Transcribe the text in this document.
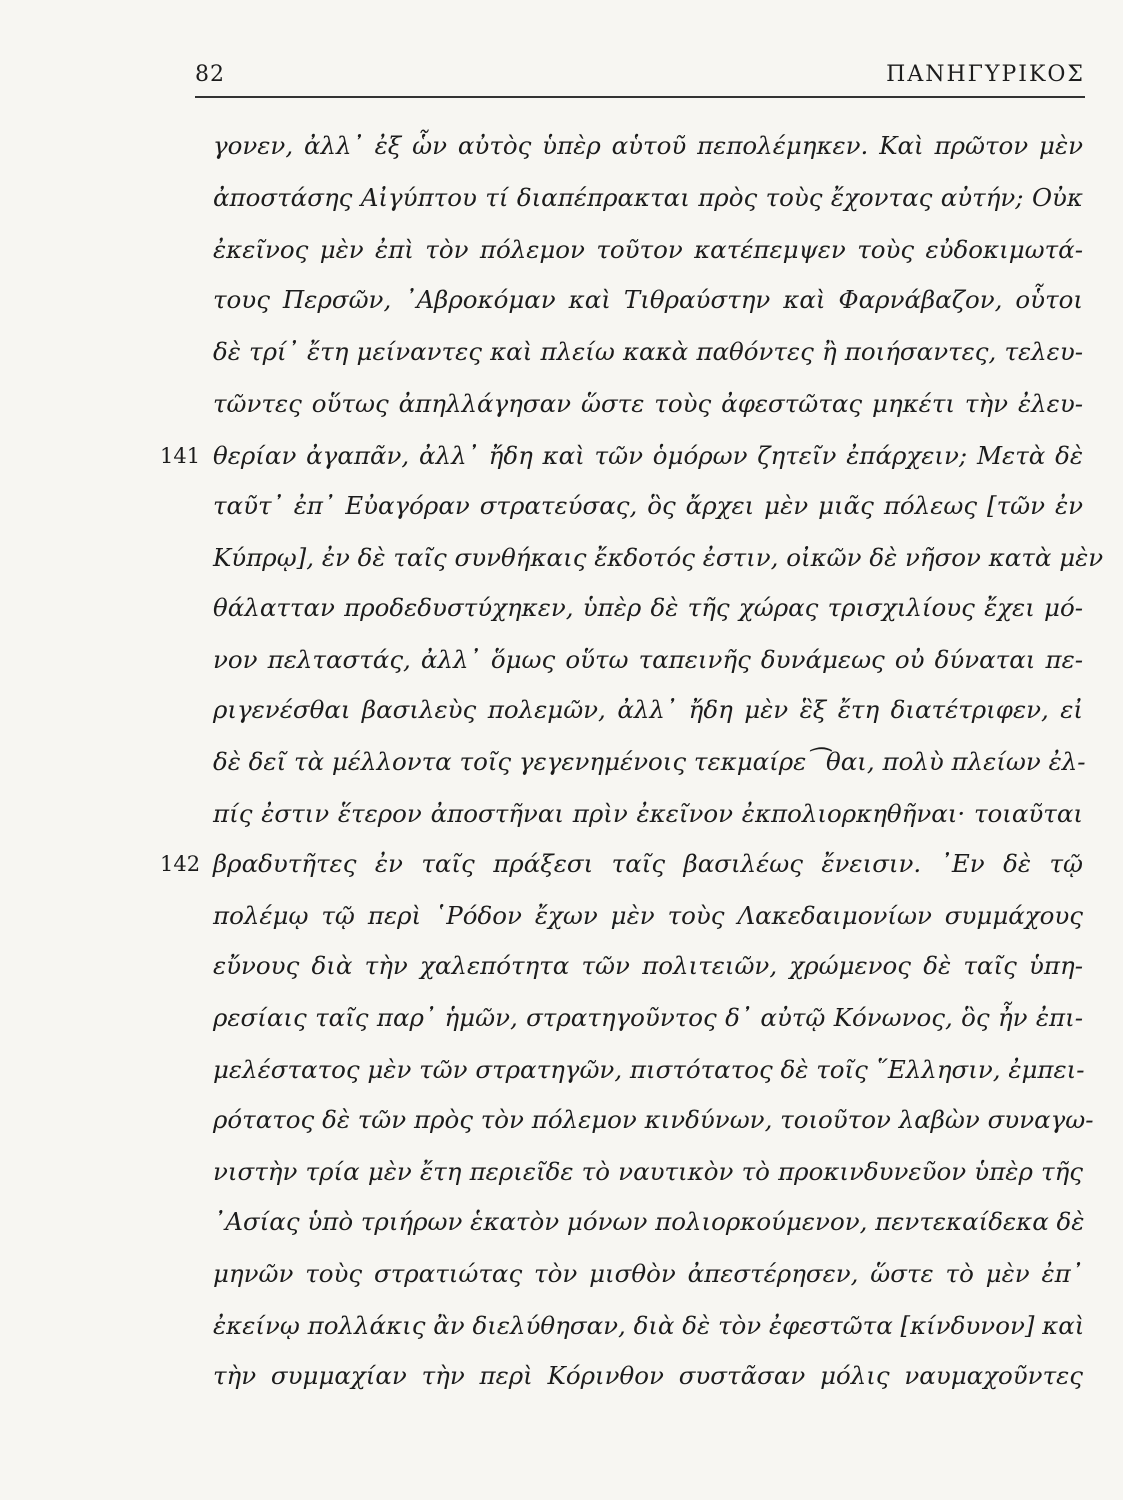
82	ΠΑΝΗΓΥΡΙΚΟΣ
141
142
γονεν, ἀλλ᾽ ἐξ ὧν αὐτὸς ὑπὲρ αὑτοῦ πεπολέμηκεν. Καὶ πρῶτον μὲν
ἀποστάσης Αἰγύπτου τί διαπέπρακται πρὸς τοὺς ἔχοντας αὐτήν; Οὐκ
ἐκεῖνος μὲν ἐπὶ τὸν πόλεμον τοῦτον κατέπεμψεν τοὺς εὐδοκιμωτά-
τους Περσῶν, ᾽Αβροκόμαν καὶ Τιθραύστην καὶ Φαρνάβαζον, οὗτοι
δὲ τρί᾽ ἔτη μείναντες καὶ πλείω κακὰ παθόντες ἢ ποιήσαντες, τελευ-
τῶντες οὕτως ἀπηλλάγησαν ὥστε τοὺς ἀφεστῶτας μηκέτι τὴν ἐλευ-
θερίαν ἀγαπᾶν, ἀλλ᾽ ἤδη καὶ τῶν ὁμόρων ζητεῖν ἐπάρχειν; Μετὰ δὲ
ταῦτ᾽ ἐπ᾽ Εὐαγόραν στρατεύσας, ὃς ἄρχει μὲν μιᾶς πόλεως [τῶν ἐν
Κύπρῳ], ἐν δὲ ταῖς συνθήκαις ἔκδοτός ἐστιν, οἰκῶν δὲ νῆσον κατὰ μὲν
θάλατταν προδεδυστύχηκεν, ὑπὲρ δὲ τῆς χώρας τρισχιλίους ἔχει μό-
νον πελταστάς, ἀλλ᾽ ὅμως οὕτω ταπεινῆς δυνάμεως οὐ δύναται πε-
ριγενέσθαι βασιλεὺς πολεμῶν, ἀλλ᾽ ἤδη μὲν ἓξ ἔτη διατέτριφεν, εἰ
δὲ δεῖ τὰ μέλλοντα τοῖς γεγενημένοις τεκμαίρε⁀θαι, πολὺ πλείων ἐλ-
πίς ἐστιν ἕτερον ἀποστῆναι πρὶν ἐκεῖνον ἐκπολιορκηθῆναι· τοιαῦται
βραδυτῆτες ἐν ταῖς πράξεσι ταῖς βασιλέως ἔνεισιν. ᾽Εν δὲ τῷ
πολέμῳ τῷ περὶ ῾Ρόδον ἔχων μὲν τοὺς Λακεδαιμονίων συμμάχους
εὔνους διὰ τὴν χαλεπότητα τῶν πολιτειῶν, χρώμενος δὲ ταῖς ὑπη-
ρεσίαις ταῖς παρ᾽ ἡμῶν, στρατηγοῦντος δ᾽ αὐτῷ Κόνωνος, ὃς ἦν ἐπι-
μελέστατος μὲν τῶν στρατηγῶν, πιστότατος δὲ τοῖς ῞Ελλησιν, ἐμπει-
ρότατος δὲ τῶν πρὸς τὸν πόλεμον κινδύνων, τοιοῦτον λαβὼν συναγω-
νιστὴν τρία μὲν ἔτη περιεῖδε τὸ ναυτικὸν τὸ προκινδυνεῦον ὑπὲρ τῆς
᾽Ασίας ὑπὸ τριήρων ἑκατὸν μόνων πολιορκούμενον, πεντεκαίδεκα δὲ
μηνῶν τοὺς στρατιώτας τὸν μισθὸν ἀπεστέρησεν, ὥστε τὸ μὲν ἐπ᾽
ἐκείνῳ πολλάκις ἂν διελύθησαν, διὰ δὲ τὸν ἐφεστῶτα [κίνδυνον] καὶ
τὴν συμμαχίαν τὴν περὶ Κόρινθον συστᾶσαν μόλις ναυμαχοῦντες
